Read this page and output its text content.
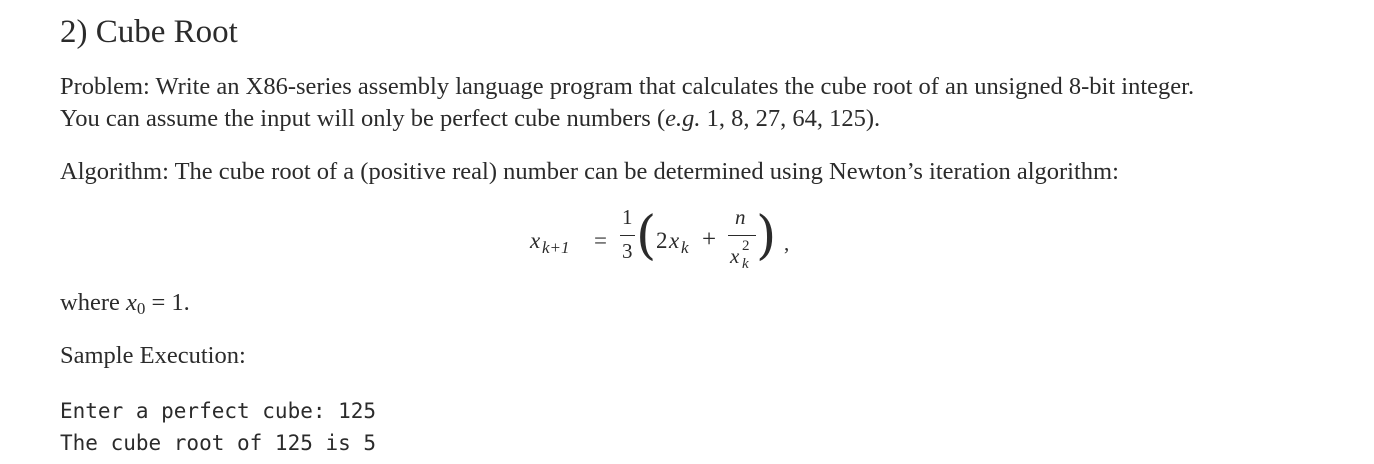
2) Cube Root
Problem: Write an X86-series assembly language program that calculates the cube root of an unsigned 8-bit integer.
You can assume the input will only be perfect cube numbers (e.g. 1, 8, 27, 64, 125).
Algorithm: The cube root of a (positive real) number can be determined using Newton’s iteration algorithm:
x k+1 =
1
3 ( 2 x k +
n
x 2
k ) ,
where $x_0 = 1$.
Sample Execution:
Enter a perfect cube: 125
The cube root of 125 is 5
